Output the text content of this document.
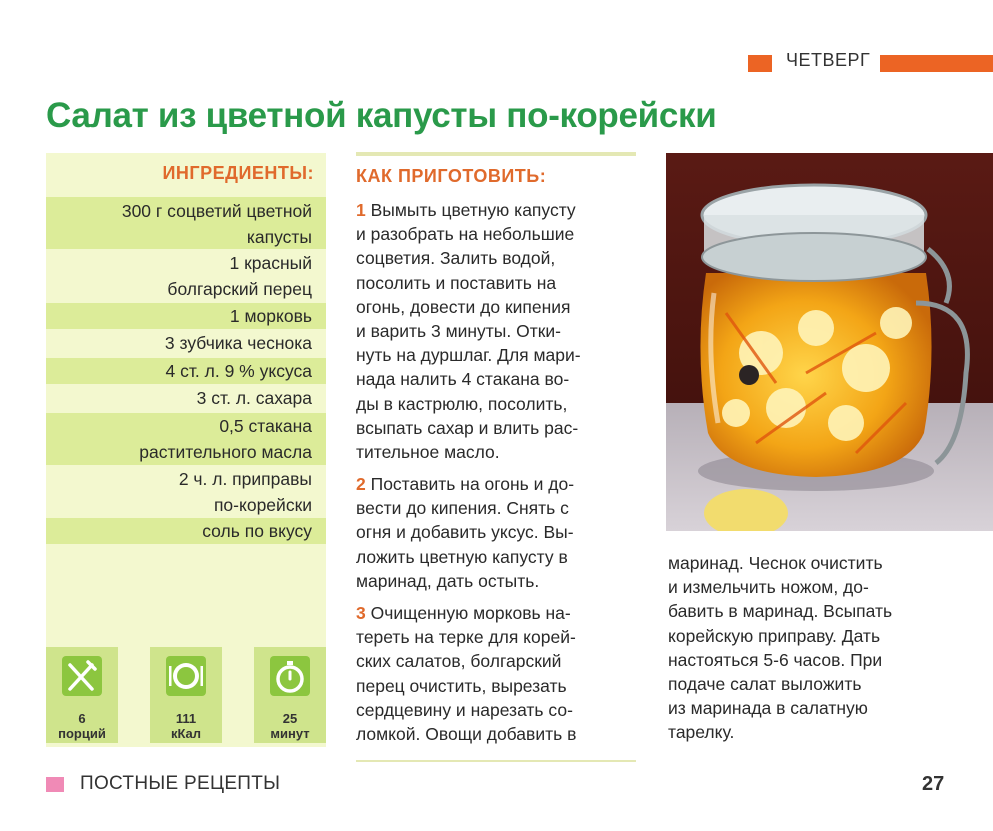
ЧЕТВЕРГ
Салат из цветной капусты по-корейски
ИНГРЕДИЕНТЫ:
300 г соцветий цветной
капусты
1 красный
болгарский перец
1 морковь
3 зубчика чеснока
4 ст. л. 9 % уксуса
3 ст. л. сахара
0,5 стакана
растительного масла
2 ч. л. приправы
по-корейски
соль по вкусу
6
порций
111
кКал
25
минут
КАК ПРИГОТОВИТЬ:
1 Вымыть цветную капусту
и разобрать на небольшие
соцветия. Залить водой,
посолить и поставить на
огонь, довести до кипения
и варить 3 минуты. Отки-
нуть на дуршлаг. Для мари-
нада налить 4 стакана во-
ды в кастрюлю, посолить,
всыпать сахар и влить рас-
тительное масло.
2 Поставить на огонь и до-
вести до кипения. Снять с
огня и добавить уксус. Вы-
ложить цветную капусту в
маринад, дать остыть.
3 Очищенную морковь на-
тереть на терке для корей-
ских салатов, болгарский
перец очистить, вырезать
сердцевину и нарезать со-
ломкой. Овощи добавить в
маринад. Чеснок очистить
и измельчить ножом, до-
бавить в маринад. Всыпать
корейскую приправу. Дать
настояться 5-6 часов. При
подаче салат выложить
из маринада в салатную
тарелку.
ПОСТНЫЕ РЕЦЕПТЫ	27
